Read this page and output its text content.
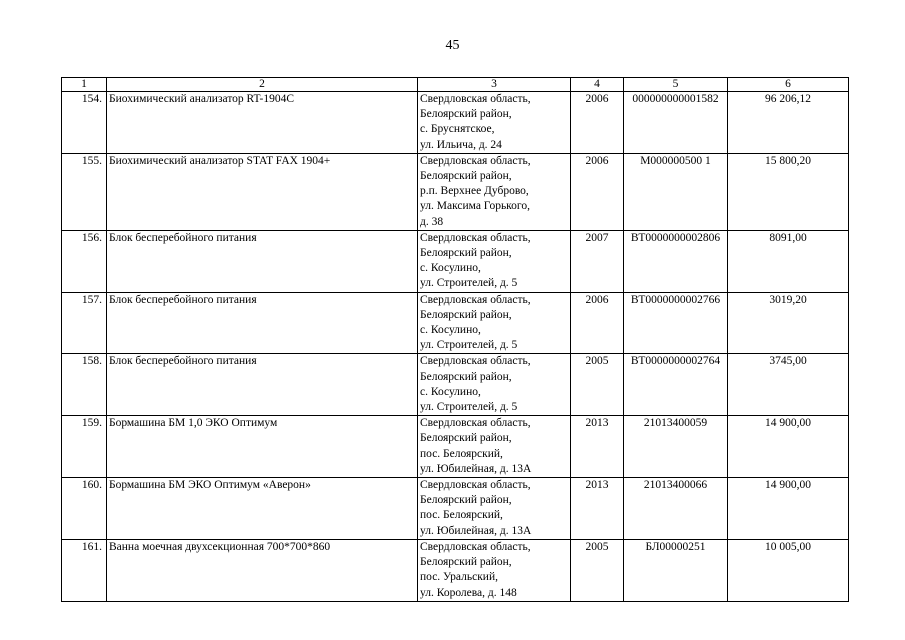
45
1	2	3	4	5	6
154.	Биохимический анализатор RT-1904С	Свердловская область,
Белоярский район,
с. Бруснятское,
ул. Ильича, д. 24	2006	000000000001582	96 206,12
155.	Биохимический анализатор STAT FAX 1904+	Свердловская область,
Белоярский район,
р.п. Верхнее Дуброво,
ул. Максима Горького,
д. 38	2006	М000000500 1	15 800,20
156.	Блок бесперебойного питания	Свердловская область,
Белоярский район,
с. Косулино,
ул. Строителей, д. 5	2007	ВТ0000000002806	8091,00
157.	Блок бесперебойного питания	Свердловская область,
Белоярский район,
с. Косулино,
ул. Строителей, д. 5	2006	ВТ0000000002766	3019,20
158.	Блок бесперебойного питания	Свердловская область,
Белоярский район,
с. Косулино,
ул. Строителей, д. 5	2005	ВТ0000000002764	3745,00
159.	Бормашина БМ 1,0 ЭКО Оптимум	Свердловская область,
Белоярский район,
пос. Белоярский,
ул. Юбилейная, д. 13А	2013	21013400059	14 900,00
160.	Бормашина БМ ЭКО Оптимум «Аверон»	Свердловская область,
Белоярский район,
пос. Белоярский,
ул. Юбилейная, д. 13А	2013	21013400066	14 900,00
161.	Ванна моечная двухсекционная 700*700*860	Свердловская область,
Белоярский район,
пос. Уральский,
ул. Королева, д. 148	2005	БЛ00000251	10 005,00
